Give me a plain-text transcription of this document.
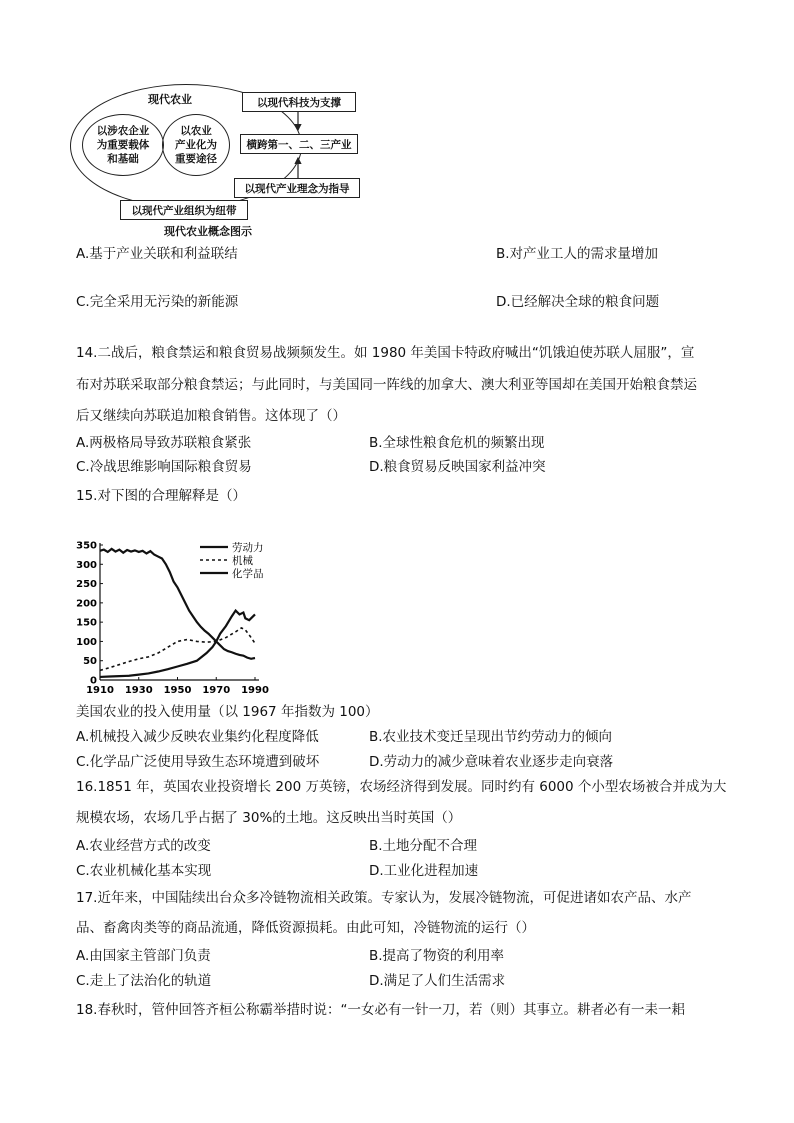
现代农业
以涉农企业
为重要载体
和基础
以农业
产业化为
重要途径
以现代科技为支撑
横跨第一、二、三产业
以现代产业理念为指导
以现代产业组织为纽带
现代农业概念图示
A.基于产业关联和利益联结	B.对产业工人的需求量增加
C.完全采用无污染的新能源	D.已经解决全球的粮食问题
14.二战后，粮食禁运和粮食贸易战频频发生。如 1980 年美国卡特政府喊出“饥饿迫使苏联人屈服”，宣
布对苏联采取部分粮食禁运；与此同时，与美国同一阵线的加拿大、澳大利亚等国却在美国开始粮食禁运
后又继续向苏联追加粮食销售。这体现了（）
A.两极格局导致苏联粮食紧张	B.全球性粮食危机的频繁出现
C.冷战思维影响国际粮食贸易	D.粮食贸易反映国家利益冲突
15.对下图的合理解释是（）
0
50
100
150
200
250
300
350
1910 1930 1950 1970 1990
劳动力
机械
化学品
美国农业的投入使用量（以 1967 年指数为 100）
A.机械投入减少反映农业集约化程度降低	B.农业技术变迁呈现出节约劳动力的倾向
C.化学品广泛使用导致生态环境遭到破坏	D.劳动力的减少意味着农业逐步走向衰落
16.1851 年，英国农业投资增长 200 万英镑，农场经济得到发展。同时约有 6000 个小型农场被合并成为大
规模农场，农场几乎占据了 30%的土地。这反映出当时英国（）
A.农业经营方式的改变	B.土地分配不合理
C.农业机械化基本实现	D.工业化进程加速
17.近年来，中国陆续出台众多冷链物流相关政策。专家认为，发展冷链物流，可促进诸如农产品、水产
品、畜禽肉类等的商品流通，降低资源损耗。由此可知，冷链物流的运行（）
A.由国家主管部门负责	B.提高了物资的利用率
C.走上了法治化的轨道	D.满足了人们生活需求
18.春秋时，管仲回答齐桓公称霸举措时说：“一女必有一针一刀，若（则）其事立。耕者必有一耒一耜
